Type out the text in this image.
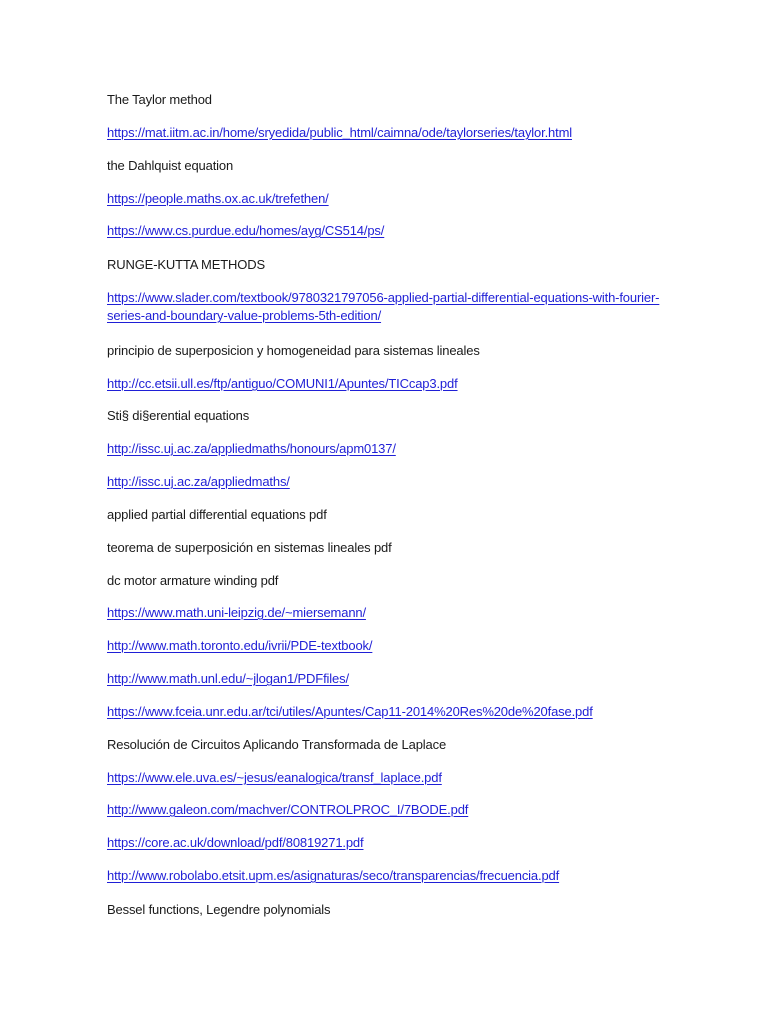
The Taylor method
https://mat.iitm.ac.in/home/sryedida/public_html/caimna/ode/taylorseries/taylor.html
the Dahlquist equation
https://people.maths.ox.ac.uk/trefethen/
https://www.cs.purdue.edu/homes/ayg/CS514/ps/
RUNGE-KUTTA METHODS
https://www.slader.com/textbook/9780321797056-applied-partial-differential-equations-with-fourier-series-and-boundary-value-problems-5th-edition/
principio de superposicion y homogeneidad para sistemas lineales
http://cc.etsii.ull.es/ftp/antiguo/COMUNI1/Apuntes/TICcap3.pdf
Sti§ di§erential equations
http://issc.uj.ac.za/appliedmaths/honours/apm0137/
http://issc.uj.ac.za/appliedmaths/
applied partial differential equations pdf
teorema de superposición en sistemas lineales pdf
dc motor armature winding pdf
https://www.math.uni-leipzig.de/~miersemann/
http://www.math.toronto.edu/ivrii/PDE-textbook/
http://www.math.unl.edu/~jlogan1/PDFfiles/
https://www.fceia.unr.edu.ar/tci/utiles/Apuntes/Cap11-2014%20Res%20de%20fase.pdf
Resolución de Circuitos Aplicando Transformada de Laplace
https://www.ele.uva.es/~jesus/eanalogica/transf_laplace.pdf
http://www.galeon.com/machver/CONTROLPROC_I/7BODE.pdf
https://core.ac.uk/download/pdf/80819271.pdf
http://www.robolabo.etsit.upm.es/asignaturas/seco/transparencias/frecuencia.pdf
Bessel functions, Legendre polynomials
